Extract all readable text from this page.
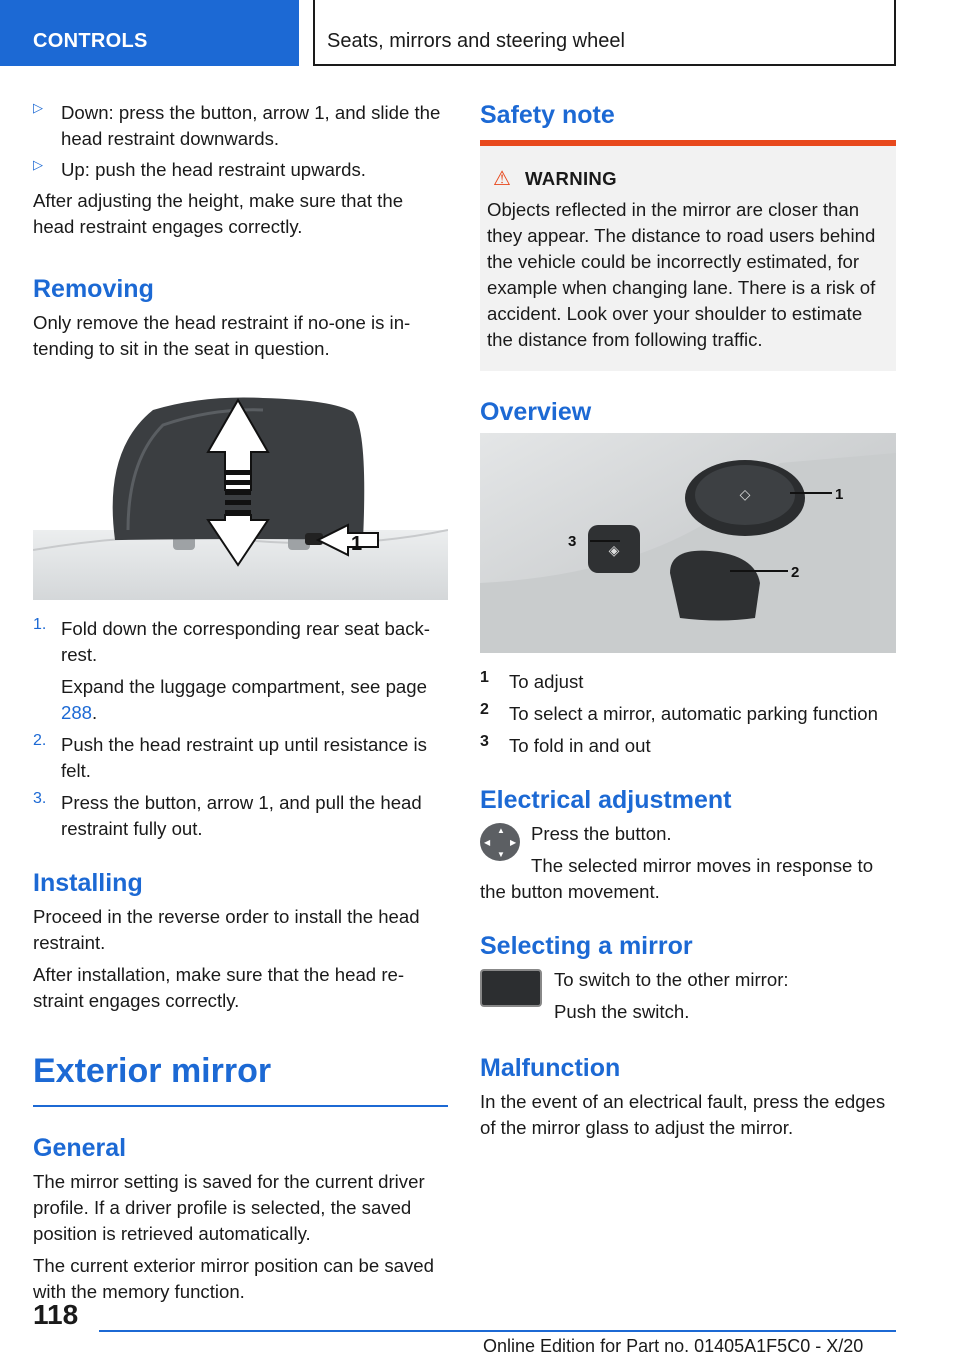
CONTROLS	Seats, mirrors and steering wheel
▷ Down: press the button, arrow 1, and slide the head restraint downwards.

▷ Up: push the head restraint upwards.

After adjusting the height, make sure that the head restraint engages correctly.

Removing

Only remove the head restraint if no-one is in-tending to sit in the seat in question.

1
1. Fold down the corresponding rear seat back-rest.

Expand the luggage compartment, see page 288.

2. Push the head restraint up until resistance is felt.

3. Press the button, arrow 1, and pull the head restraint fully out.

Installing

Proceed in the reverse order to install the head restraint.

After installation, make sure that the head re-straint engages correctly.

Exterior mirror
General

The mirror setting is saved for the current driver profile. If a driver profile is selected, the saved position is retrieved automatically.

The current exterior mirror position can be saved with the memory function.

Safety note
⚠ WARNING

Objects reflected in the mirror are closer than they appear. The distance to road users behind the vehicle could be incorrectly estimated, for example when changing lane. There is a risk of accident. Look over your shoulder to estimate the distance from following traffic.

Overview
◇
◈
1
2
3
1	To adjust

2	To select a mirror, automatic parking function

3	To fold in and out

Electrical adjustment
▲
▼
◀ ▶ Press the button.

The selected mirror moves in response to the button movement.

Selecting a mirror

To switch to the other mirror:

Push the switch.

Malfunction

In the event of an electrical fault, press the edges of the mirror glass to adjust the mirror.

118
Online Edition for Part no. 01405A1F5C0 - X/20
